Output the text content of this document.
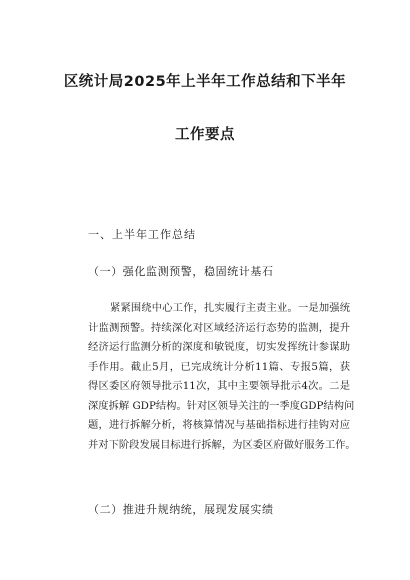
区统计局2025年上半年工作总结和下半年
工作要点
一、上半年工作总结
（一）强化监测预警，稳固统计基石
紧紧围绕中心工作，扎实履行主责主业。一是加强统
计监测预警。持续深化对区域经济运行态势的监测，提升
经济运行监测分析的深度和敏锐度，切实发挥统计参谋助
手作用。截止5月，已完成统计分析11篇、专报5篇，获
得区委区府领导批示11次，其中主要领导批示4次。二是
深度拆解 GDP结构。针对区领导关注的一季度GDP结构问
题，进行拆解分析，将核算情况与基础指标进行挂钩对应
并对下阶段发展目标进行拆解，为区委区府做好服务工作。
（二）推进升规纳统，展现发展实绩
